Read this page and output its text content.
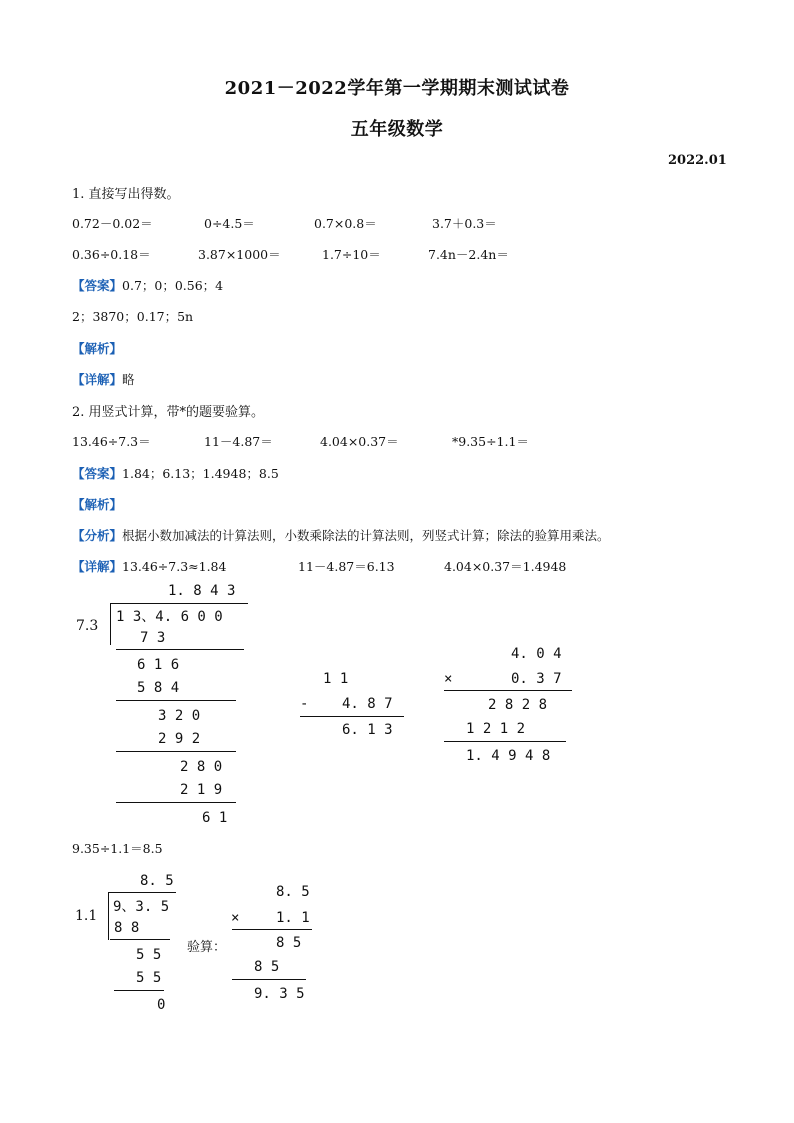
2021－2022学年第一学期期末测试试卷
五年级数学
2022.01
1. 直接写出得数。
0.72－0.02＝	0÷4.5＝	0.7×0.8＝	3.7＋0.3＝
0.36÷0.18＝	3.87×1000＝	1.7÷10＝	7.4n－2.4n＝
【答案】0.7；0；0.56；4
2；3870；0.17；5n
【解析】
【详解】略
2. 用竖式计算，带*的题要验算。
13.46÷7.3＝	11－4.87＝	4.04×0.37＝	*9.35÷1.1＝
【答案】1.84；6.13；1.4948；8.5
【解析】
【分析】根据小数加减法的计算法则，小数乘除法的计算法则，列竖式计算；除法的验算用乘法。
【详解】13.46÷7.3≈1.84	11－4.87＝6.13	4.04×0.37＝1.4948
1. 8 4 3
7.3
1 3、4. 6 0 0
7 3
6 1 6
5 8 4
3 2 0
2 9 2
2 8 0
2 1 9
6 1
1 1
- 4. 8 7
6. 1 3
4. 0 4
×	0. 3 7
2 8 2 8
1 2 1 2
1. 4 9 4 8
9.35÷1.1＝8.5
8. 5
1.1
9、3. 5
8 8
5 5
5 5
0
验算：
8. 5
×	1. 1
8 5
8 5
9. 3 5
